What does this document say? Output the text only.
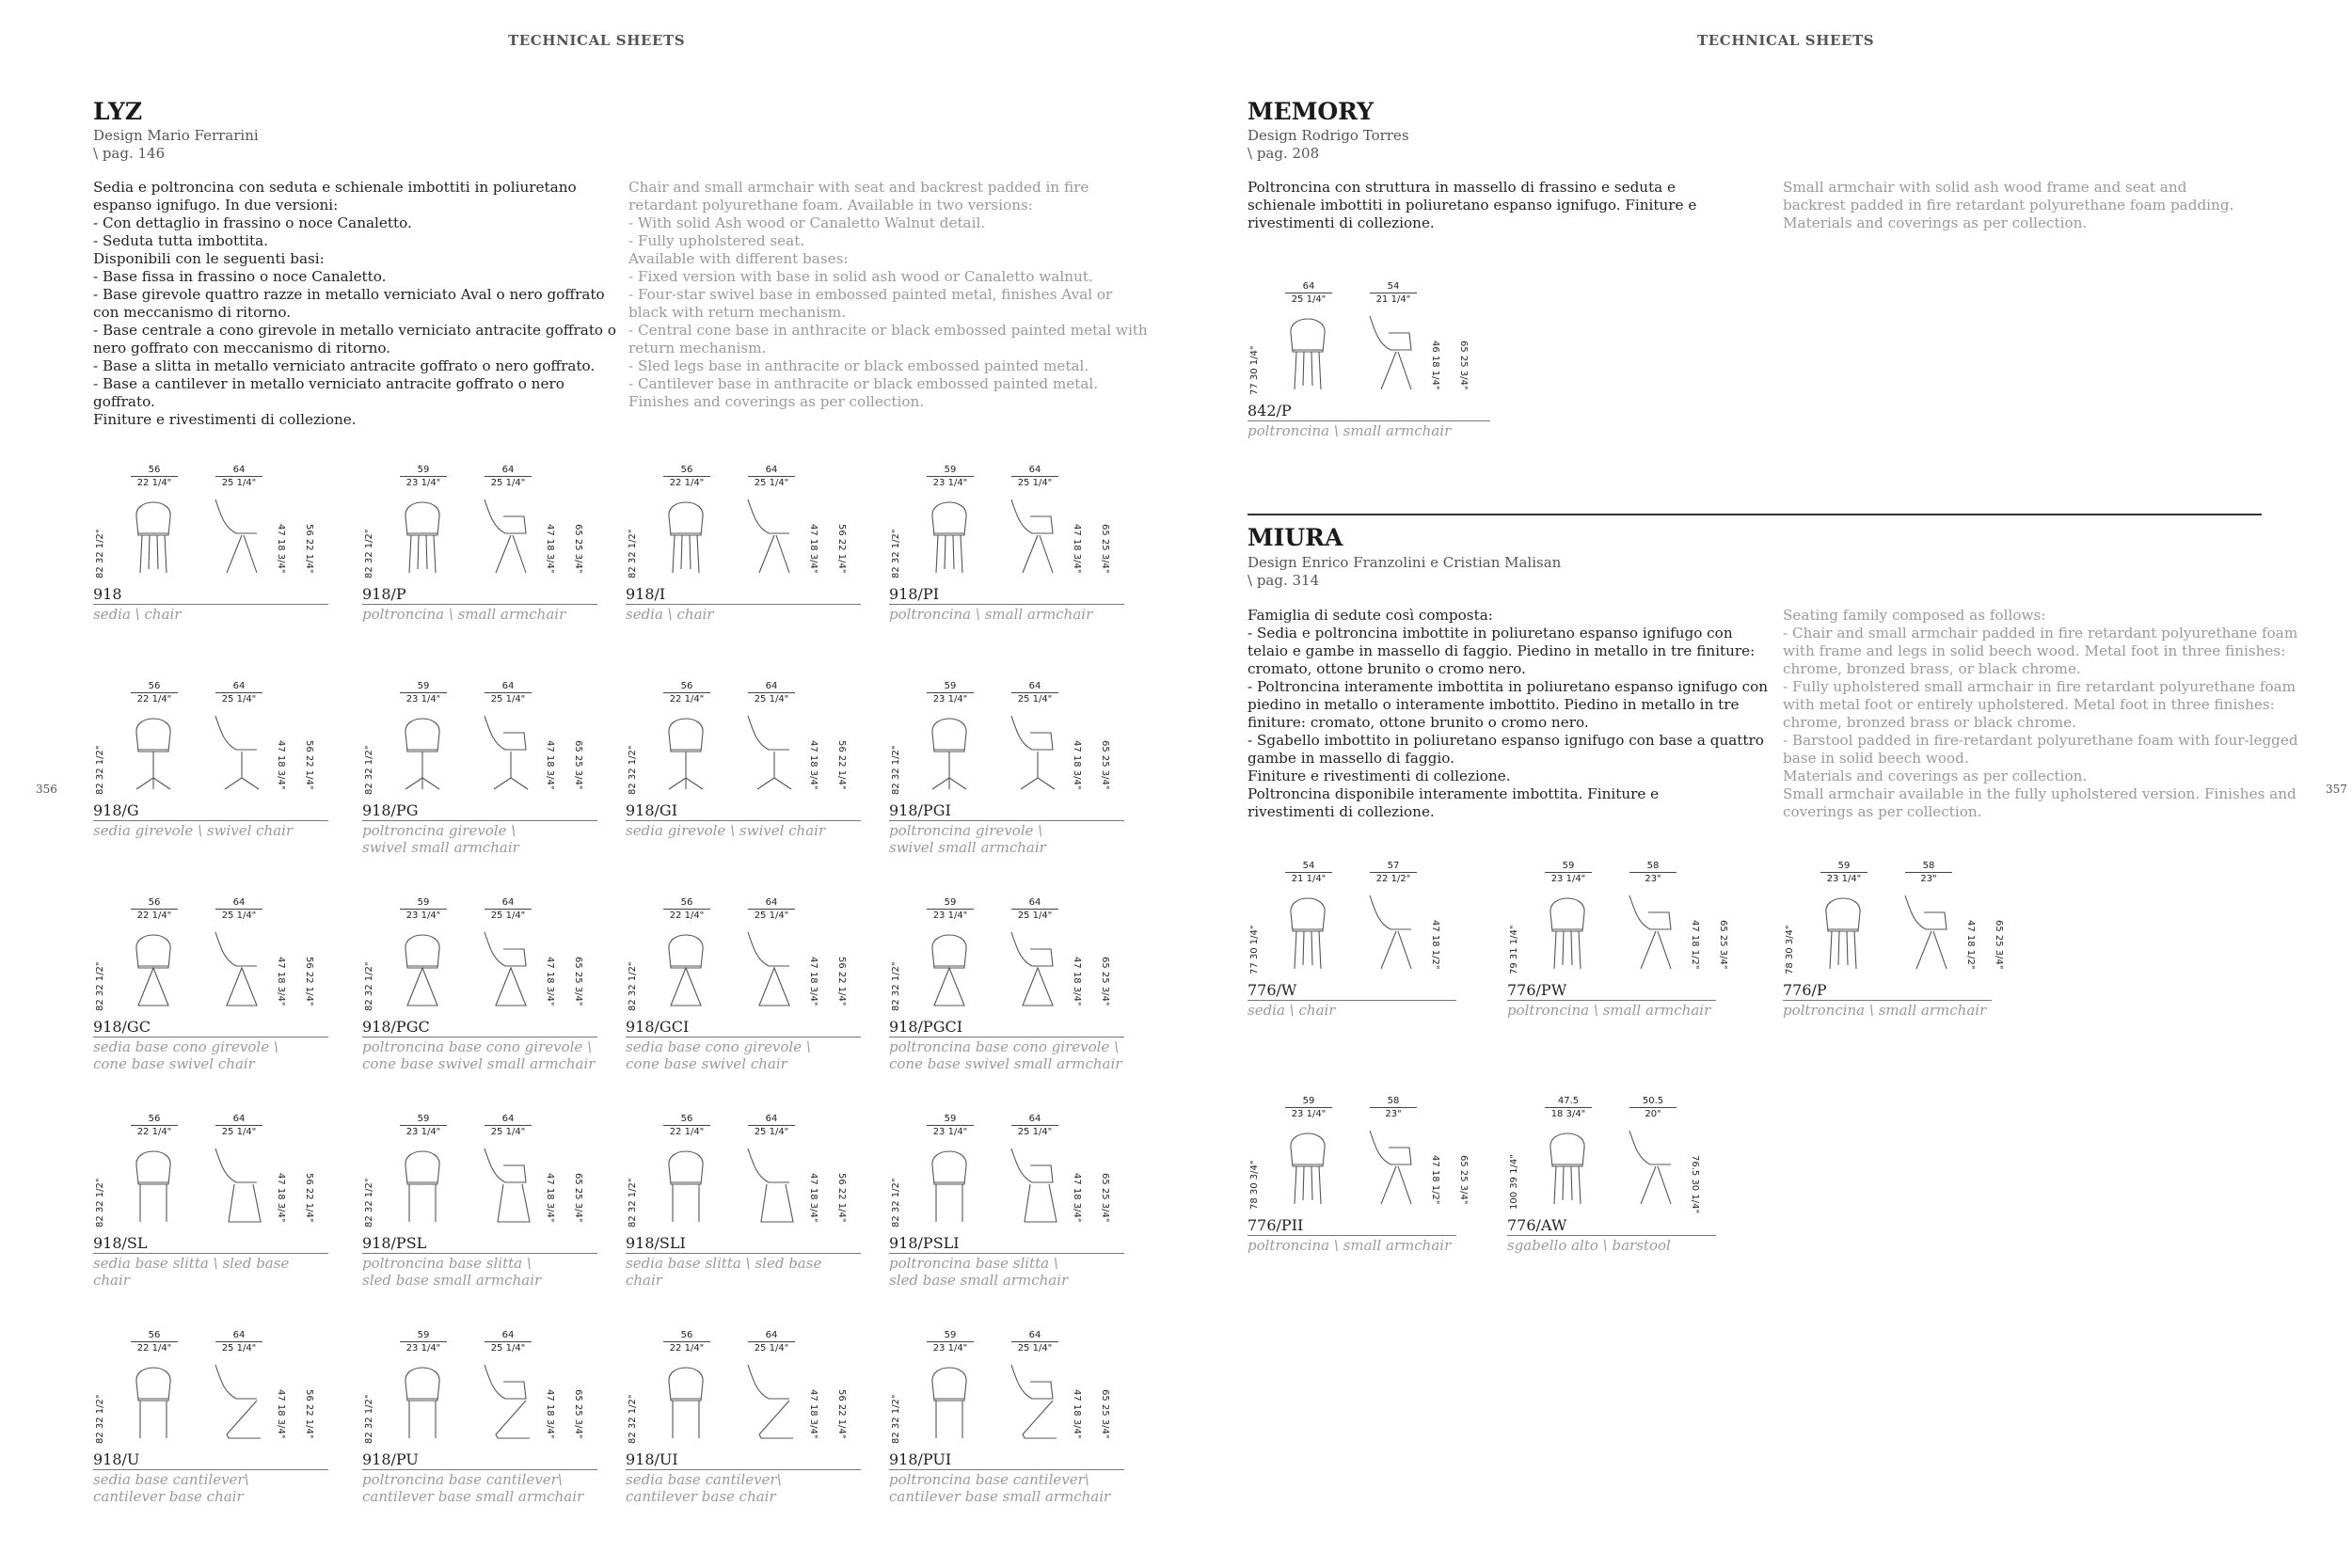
TECHNICAL SHEETS
356
LYZ
Design Mario Ferrarini
\ pag. 146
Sedia e poltroncina con seduta e schienale imbottiti in poliuretano
espanso ignifugo. In due versioni:
- Con dettaglio in frassino o noce Canaletto.
- Seduta tutta imbottita.
Disponibili con le seguenti basi:
- Base fissa in frassino o noce Canaletto.
- Base girevole quattro razze in metallo verniciato Aval o nero goffrato
con meccanismo di ritorno.
- Base centrale a cono girevole in metallo verniciato antracite goffrato o
nero goffrato con meccanismo di ritorno.
- Base a slitta in metallo verniciato antracite goffrato o nero goffrato.
- Base a cantilever in metallo verniciato antracite goffrato o nero goffrato.
Finiture e rivestimenti di collezione.
Chair and small armchair with seat and backrest padded in fire
retardant polyurethane foam. Available in two versions:
- With solid Ash wood or Canaletto Walnut detail.
- Fully upholstered seat.
Available with different bases:
- Fixed version with base in solid ash wood or Canaletto walnut.
- Four-star swivel base in embossed painted metal, finishes Aval or
black with return mechanism.
- Central cone base in anthracite or black embossed painted metal with
return mechanism.
- Sled legs base in anthracite or black embossed painted metal.
- Cantilever base in anthracite or black embossed painted metal.
Finishes and coverings as per collection.
56
22 1/4"
64
25 1/4"
82 32 1/2"	47 18 3/4" 56 22 1/4"
918
sedia \ chair
59
23 1/4"
64
25 1/4"
82 32 1/2"	47 18 3/4" 65 25 3/4"
918/P
poltroncina \ small armchair
56
22 1/4"
64
25 1/4"
82 32 1/2"	47 18 3/4" 56 22 1/4"
918/I
sedia \ chair
59
23 1/4"
64
25 1/4"
82 32 1/2"	47 18 3/4" 65 25 3/4"
918/PI
poltroncina \ small armchair
56
22 1/4"
64
25 1/4"
82 32 1/2"	47 18 3/4" 56 22 1/4"
918/G
sedia girevole \ swivel chair
59
23 1/4"
64
25 1/4"
82 32 1/2"	47 18 3/4" 65 25 3/4"
918/PG
poltroncina girevole \
swivel small armchair
56
22 1/4"
64
25 1/4"
82 32 1/2"	47 18 3/4" 56 22 1/4"
918/GI
sedia girevole \ swivel chair
59
23 1/4"
64
25 1/4"
82 32 1/2"	47 18 3/4" 65 25 3/4"
918/PGI
poltroncina girevole \
swivel small armchair
56
22 1/4"
64
25 1/4"
82 32 1/2"	47 18 3/4" 56 22 1/4"
918/GC
sedia base cono girevole \
cone base swivel chair
59
23 1/4"
64
25 1/4"
82 32 1/2"	47 18 3/4" 65 25 3/4"
918/PGC
poltroncina base cono girevole \
cone base swivel small armchair
56
22 1/4"
64
25 1/4"
82 32 1/2"	47 18 3/4" 56 22 1/4"
918/GCI
sedia base cono girevole \
cone base swivel chair
59
23 1/4"
64
25 1/4"
82 32 1/2"	47 18 3/4" 65 25 3/4"
918/PGCI
poltroncina base cono girevole \
cone base swivel small armchair
56
22 1/4"
64
25 1/4"
82 32 1/2"	47 18 3/4" 56 22 1/4"
918/SL
sedia base slitta \ sled base chair
59
23 1/4"
64
25 1/4"
82 32 1/2"	47 18 3/4" 65 25 3/4"
918/PSL
poltroncina base slitta \
sled base small armchair
56
22 1/4"
64
25 1/4"
82 32 1/2"	47 18 3/4" 56 22 1/4"
918/SLI
sedia base slitta \ sled base chair
59
23 1/4"
64
25 1/4"
82 32 1/2"	47 18 3/4" 65 25 3/4"
918/PSLI
poltroncina base slitta \
sled base small armchair
56
22 1/4"
64
25 1/4"
82 32 1/2"	47 18 3/4" 56 22 1/4"
918/U
sedia base cantilever\
cantilever base chair
59
23 1/4"
64
25 1/4"
82 32 1/2"	47 18 3/4" 65 25 3/4"
918/PU
poltroncina base cantilever\
cantilever base small armchair
56
22 1/4"
64
25 1/4"
82 32 1/2"	47 18 3/4" 56 22 1/4"
918/UI
sedia base cantilever\
cantilever base chair
59
23 1/4"
64
25 1/4"
82 32 1/2"	47 18 3/4" 65 25 3/4"
918/PUI
poltroncina base cantilever\
cantilever base small armchair
TECHNICAL SHEETS
357
MEMORY
Design Rodrigo Torres
\ pag. 208
Poltroncina con struttura in massello di frassino e seduta e
schienale imbottiti in poliuretano espanso ignifugo. Finiture e
rivestimenti di collezione.
Small armchair with solid ash wood frame and seat and
backrest padded in fire retardant polyurethane foam padding.
Materials and coverings as per collection.
64
25 1/4"
54
21 1/4"
77 30 1/4"	46 18 1/4" 65 25 3/4"
842/P
poltroncina \ small armchair
MIURA
Design Enrico Franzolini e Cristian Malisan
\ pag. 314
Famiglia di sedute così composta:
- Sedia e poltroncina imbottite in poliuretano espanso ignifugo con
telaio e gambe in massello di faggio. Piedino in metallo in tre finiture:
cromato, ottone brunito o cromo nero.
- Poltroncina interamente imbottita in poliuretano espanso ignifugo con
piedino in metallo o interamente imbottito. Piedino in metallo in tre
finiture: cromato, ottone brunito o cromo nero.
- Sgabello imbottito in poliuretano espanso ignifugo con base a quattro
gambe in massello di faggio.
Finiture e rivestimenti di collezione.
Poltroncina disponibile interamente imbottita. Finiture e
rivestimenti di collezione.
Seating family composed as follows:
- Chair and small armchair padded in fire retardant polyurethane foam
with frame and legs in solid beech wood. Metal foot in three finishes:
chrome, bronzed brass, or black chrome.
- Fully upholstered small armchair in fire retardant polyurethane foam
with metal foot or entirely upholstered. Metal foot in three finishes:
chrome, bronzed brass or black chrome.
- Barstool padded in fire-retardant polyurethane foam with four-legged
base in solid beech wood.
Materials and coverings as per collection.
Small armchair available in the fully upholstered version. Finishes and
coverings as per collection.
54
21 1/4"
57
22 1/2"
77 30 1/4"	47 18 1/2"
776/W
sedia \ chair
59
23 1/4"
58
23"
79 31 1/4"	47 18 1/2" 65 25 3/4"
776/PW
poltroncina \ small armchair
59
23 1/4"
58
23"
78 30 3/4"	47 18 1/2" 65 25 3/4"
776/P
poltroncina \ small armchair
59
23 1/4"
58
23"
78 30 3/4"	47 18 1/2" 65 25 3/4"
776/PII
poltroncina \ small armchair
47.5
18 3/4"
50.5
20"
100 39 1/4"	76.5 30 1/4"
776/AW
sgabello alto \ barstool
